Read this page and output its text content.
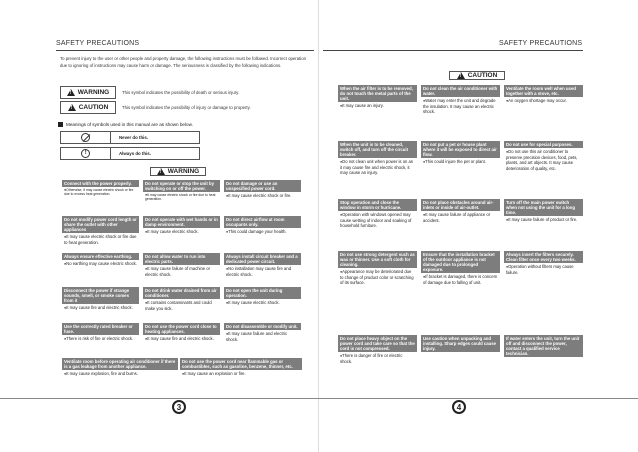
SAFETY PRECAUTIONS
To prevent injury to the user or other people and property damage, the following instructions must be followed. Incorrect operation due to ignoring of instructions may cause harm or damage. The seriousness is classified by the following indications.
!
WARNING	This symbol indicates the possibility of death or serious injury.
!
CAUTION	This symbol indicates the possibility of injury or damage to property.
Meanings of symbols used in this manual are as shown below.
Never do this.
!
Always do this.
!
WARNING
Connect with the power properly.
● Otherwise, it may cause electric shock or fire due to excess heat generation.
Do not operate or stop the unit by switching on or off the power.
● It may cause electric shock or fire due to heat generation.
Do not damage or use an unspecified power cord.
● It may cause electric shock or fire.
Do not modify power cord length or share the outlet with other appliances
● It may cause electric shock or fire due to heat generation.
Do not operate with wet hands or in damp environment.
● It may cause electric shock.
Do not direct airflow at room occupants only.
● This could damage your health.
Always ensure effective earthing.
● No earthing may cause electric shock.
Do not allow water to run into electric parts.
● It may cause failure of machine or electric shock.
Always install circuit breaker and a dedicated power circuit.
● No installation may cause fire and electric shock.
Disconnect the power if strange sounds, smell, or smoke comes from it
● It may cause fire and electric shock.
Do not drink water drained from air conditioner.
● It contains contaminants and could make you sick.
Do not open the unit during operation.
● It may cause electric shock.
Use the correctly rated breaker or fuse.
● There is risk of fire or electric shock.
Do not use the power cord close to heating appliances.
● It may cause fire and electric shock.
Do not disassemble or modify unit.
● It may cause failure and electric shock.
Ventilate room before operating air conditioner if there is a gas leakage from another appliance.
● It may cause explosion, fire and burns.
Do not use the power cord near flammable gas or combustibles, such as gasoline, benzene, thinner, etc.
● It may cause an explosion or fire.
SAFETY PRECAUTIONS
!
CAUTION
When the air filter is to be removed, do not touch the metal parts of the unit.
● It may cause an injury.
Do not clean the air conditioner with water.
● Water may enter the unit and degrade the insulation. It may cause an electric shock.
Ventilate the room well when used together with a stove, etc.
● An oxygen shortage may occur.
When the unit is to be cleaned, switch off, and turn off the circuit breaker.
● Do not clean unit when power is on as it may cause fire and electric shock, it may cause an injury.
Do not put a pet or house plant where it will be exposed to direct air flow.
● This could injure the pet or plant.
Do not use for special purposes.
● Do not use this air conditioner to preserve precision devices, food, pets, plants, and art objects. It may cause deterioration of quality, etc.
Stop operation and close the window in storm or hurricane.
● Operation with windows opened may cause wetting of indoor and soaking of household furniture.
Do not place obstacles around air-inlets or inside of air-outlet.
● It may cause failure of appliance or accident.
Turn off the main power switch when not using the unit for a long time.
● It may cause failure of product or fire.
Do not use strong detergent such as wax or thinner. Use a soft cloth for cleaning.
● Appearance may be deteriorated due to change of product color or scratching of its surface.
Ensure that the installation bracket of the outdoor appliance is not damaged due to prolonged exposure.
● If bracket is damaged, there is concern of damage due to falling of unit.
Always insert the filters securely. Clean filter once every two weeks.
● Operation without filters may cause failure.
Do not place heavy object on the power cord and take care so that the cord is not compressed.
● There is danger of fire or electric shock.
Use caution when unpacking and installing. Sharp edges could cause injury.
If water enters the unit, turn the unit off and disconnect the power, contact a qualified service technician.
3	4
